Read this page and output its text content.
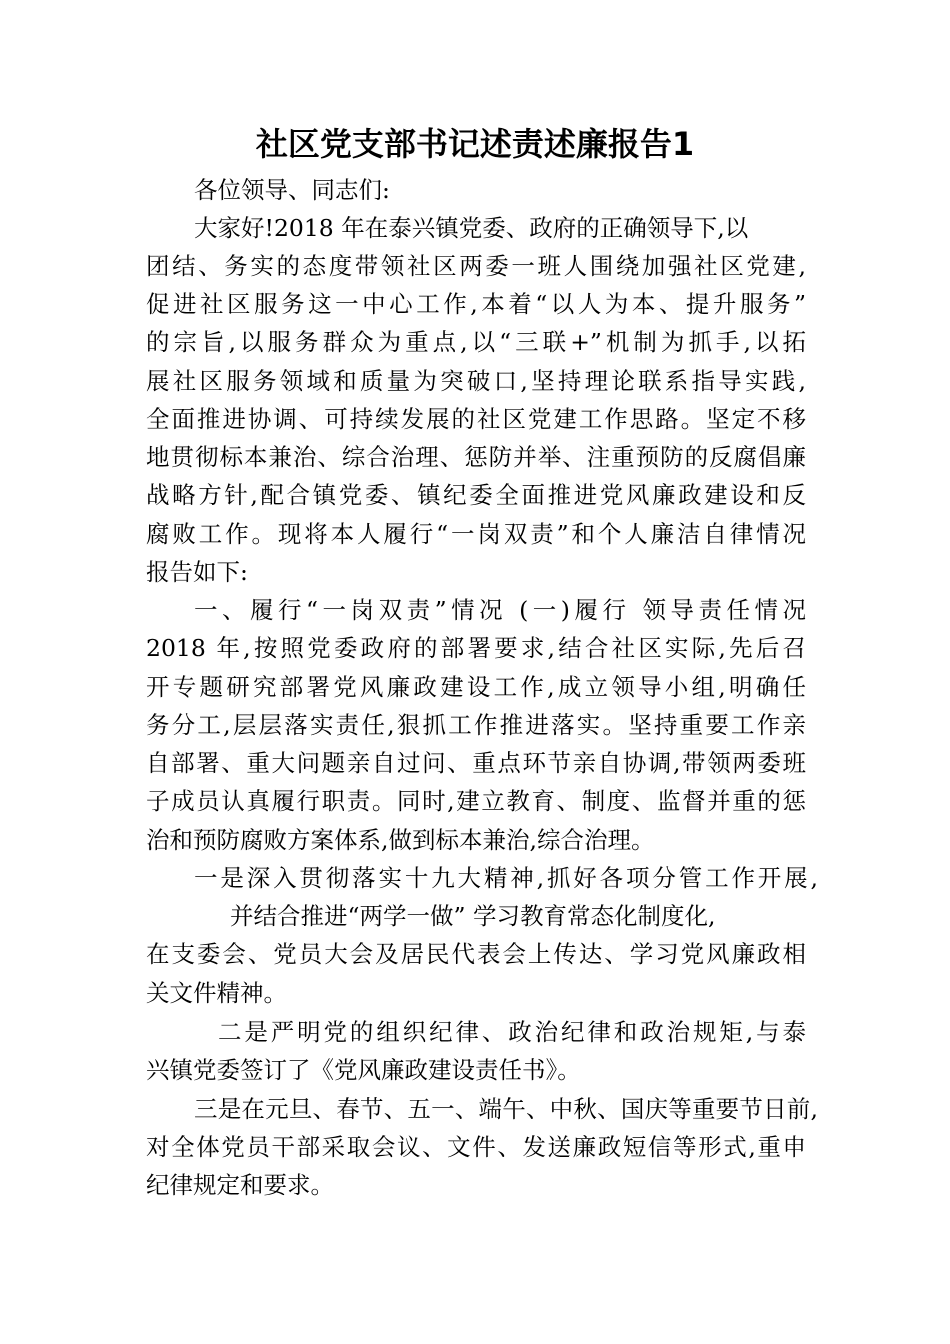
社区党支部书记述责述廉报告1
各位领导、同志们:
大家好!2018 年在泰兴镇党委、政府的正确领导下,以
团结、务实的态度带领社区两委一班人围绕加强社区党建,
促进社区服务这一中心工作,本着“以人为本、提升服务”
的宗旨,以服务群众为重点,以“三联+”机制为抓手,以拓
展社区服务领域和质量为突破口,坚持理论联系指导实践,
全面推进协调、可持续发展的社区党建工作思路。坚定不移
地贯彻标本兼治、综合治理、惩防并举、注重预防的反腐倡廉
战略方针,配合镇党委、镇纪委全面推进党风廉政建设和反
腐败工作。现将本人履行“一岗双责”和个人廉洁自律情况
报告如下:
一、履行“一岗双责”情况 (一)履行 领导责任情况
2018 年,按照党委政府的部署要求,结合社区实际,先后召
开专题研究部署党风廉政建设工作,成立领导小组,明确任
务分工,层层落实责任,狠抓工作推进落实。坚持重要工作亲
自部署、重大问题亲自过问、重点环节亲自协调,带领两委班
子成员认真履行职责。同时,建立教育、制度、监督并重的惩
治和预防腐败方案体系,做到标本兼治,综合治理。
一是深入贯彻落实十九大精神,抓好各项分管工作开展,
并结合推进“两学一做” 学习教育常态化制度化,
在支委会、党员大会及居民代表会上传达、学习党风廉政相
关文件精神。
二是严明党的组织纪律、政治纪律和政治规矩,与泰
兴镇党委签订了《党风廉政建设责任书》。
三是在元旦、春节、五一、端午、中秋、国庆等重要节日前,
对全体党员干部采取会议、文件、发送廉政短信等形式,重申
纪律规定和要求。
